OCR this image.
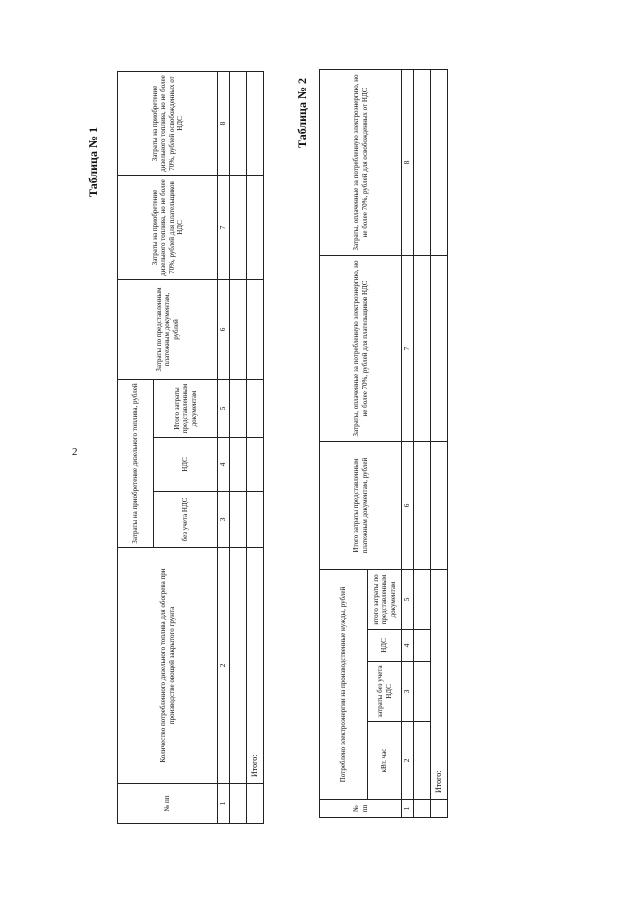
2
Таблица № 1
№ пп	Количество потребленного дизельного топлива для обогрева при производстве овощей закрытого грунта	Затраты на приобретение дизельного топлива, рублей			Затраты по представленным платежным документам, рублей	Затраты на приобретение дизельного топлива, но не более 70%, рублей для плательщиков НДС	Затраты на приобретение дизельного топлива, но не более 70%, рублей освобожденных от НДС
		без учета НДС	НДС	Итого затраты представленным документам			
1	2	3	4	5	6	7	8

	Итого:						
Таблица № 2
№ пп	Потреблено электроэнергии на производственные нужды, рублей				Итого затраты представленным платежным документам, рублей	Затраты, оплаченные за потребленную электроэнергию, но не более 70%, рублей для плательщиков НДС	Затраты, оплаченные за потребленную электроэнергию, но не более 70%, рублей для освобожденных от НДС
	кВт. час	затраты без учета НДС	НДС	итого затраты по представленным документам			
1	2	3	4	5	6	7	8

	Итого:						
